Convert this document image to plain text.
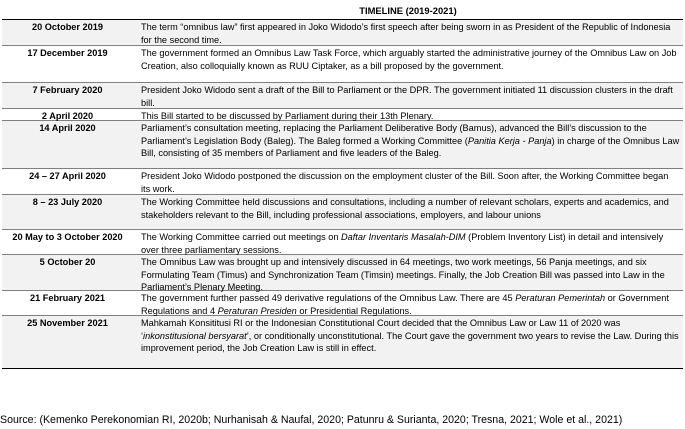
TIMELINE (2019-2021)
20 October 2019	The term “omnibus law” first appeared in Joko Widodo’s first speech after being sworn in as President of the Republic of Indonesia for the second time.

17 December 2019	The government formed an Omnibus Law Task Force, which arguably started the administrative journey of the Omnibus Law on Job Creation, also colloquially known as RUU Ciptaker, as a bill proposed by the government.

7 February 2020	President Joko Widodo sent a draft of the Bill to Parliament or the DPR. The government initiated 11 discussion clusters in the draft bill.

2 April 2020	This Bill started to be discussed by Parliament during their 13th Plenary.

14 April 2020	Parliament’s consultation meeting, replacing the Parliament Deliberative Body (Bamus), advanced the Bill’s discussion to the Parliament’s Legislation Body (Baleg). The Baleg formed a Working Committee (Panitia Kerja - Panja) in charge of the Omnibus Law Bill, consisting of 35 members of Parliament and five leaders of the Baleg.

24 – 27 April 2020	President Joko Widodo postponed the discussion on the employment cluster of the Bill. Soon after, the Working Committee began its work.

8 – 23 July 2020	The Working Committee held discussions and consultations, including a number of relevant scholars, experts and academics, and stakeholders relevant to the Bill, including professional associations, employers, and labour unions

20 May to 3 October 2020	The Working Committee carried out meetings on Daftar Inventaris Masalah-DIM (Problem Inventory List) in detail and intensively over three parliamentary sessions.

5 October 20	The Omnibus Law was brought up and intensively discussed in 64 meetings, two work meetings, 56 Panja meetings, and six Formulating Team (Timus) and Synchronization Team (Timsin) meetings. Finally, the Job Creation Bill was passed into Law in the Parliament’s Plenary Meeting.

21 February 2021	The government further passed 49 derivative regulations of the Omnibus Law. There are 45 Peraturan Pemerintah or Government Regulations and 4 Peraturan Presiden or Presidential Regulations.

25 November 2021	Mahkamah Konsititusi RI or the Indonesian Constitutional Court decided that the Omnibus Law or Law 11 of 2020 was ‘inkonstitusional bersyarat’, or conditionally unconstitutional. The Court gave the government two years to revise the Law. During this improvement period, the Job Creation Law is still in effect.

Source: (Kemenko Perekonomian RI, 2020b; Nurhanisah & Naufal, 2020; Patunru & Surianta, 2020; Tresna, 2021; Wole et al., 2021)
